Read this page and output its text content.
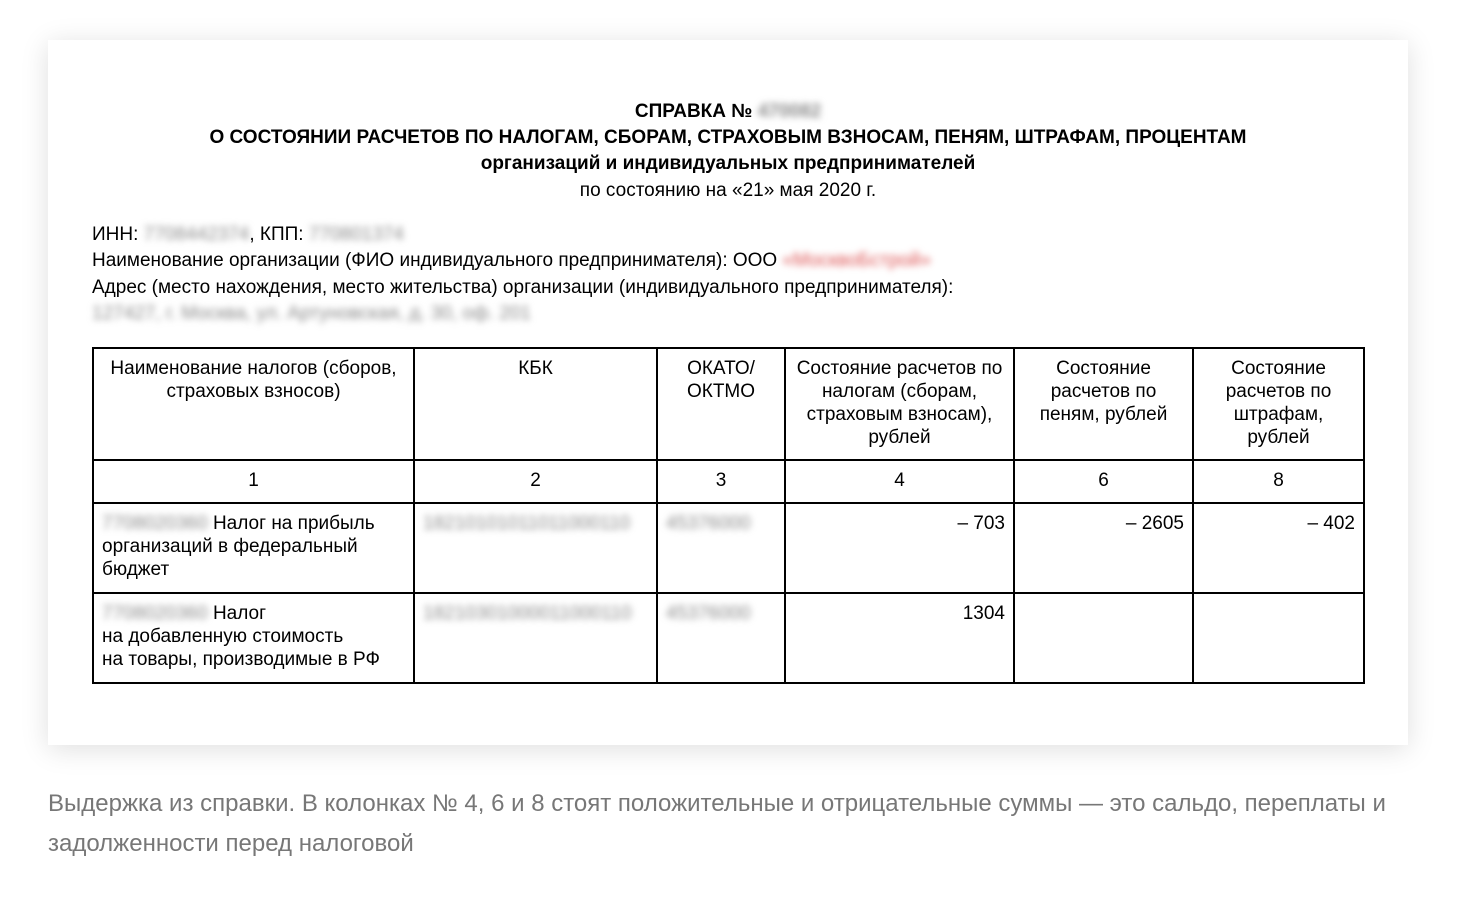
СПРАВКА № 470082
О СОСТОЯНИИ РАСЧЕТОВ ПО НАЛОГАМ, СБОРАМ, СТРАХОВЫМ ВЗНОСАМ, ПЕНЯМ, ШТРАФАМ, ПРОЦЕНТАМ
организаций и индивидуальных предпринимателей
по состоянию на «21» мая 2020 г.
ИНН: 7708442374, КПП: 770801374
Наименование организации (ФИО индивидуального предпринимателя): ООО «МосквоБстрой»
Адрес (место нахождения, место жительства) организации (индивидуального предпринимателя):
127427, г. Москва, ул. Артуновская, д. 30, оф. 201
Наименование налогов (сборов, страховых взносов)	КБК	ОКАТО/ ОКТМО	Состояние расчетов по налогам (сборам, страховым взносам), рублей	Состояние расчетов по пеням, рублей	Состояние расчетов по штрафам, рублей
1	2	3	4	6	8
7708020360 Налог на прибыль организаций в федеральный бюджет	18210101011011000110	45376000	– 703	– 2605	– 402
7708020360 Налог
на добавленную стоимость
на товары, производимые в РФ	18210301000011000110	45376000	1304		
Выдержка из справки. В колонках № 4, 6 и 8 стоят положительные и отрицательные суммы — это сальдо, переплаты и задолженности перед налоговой
